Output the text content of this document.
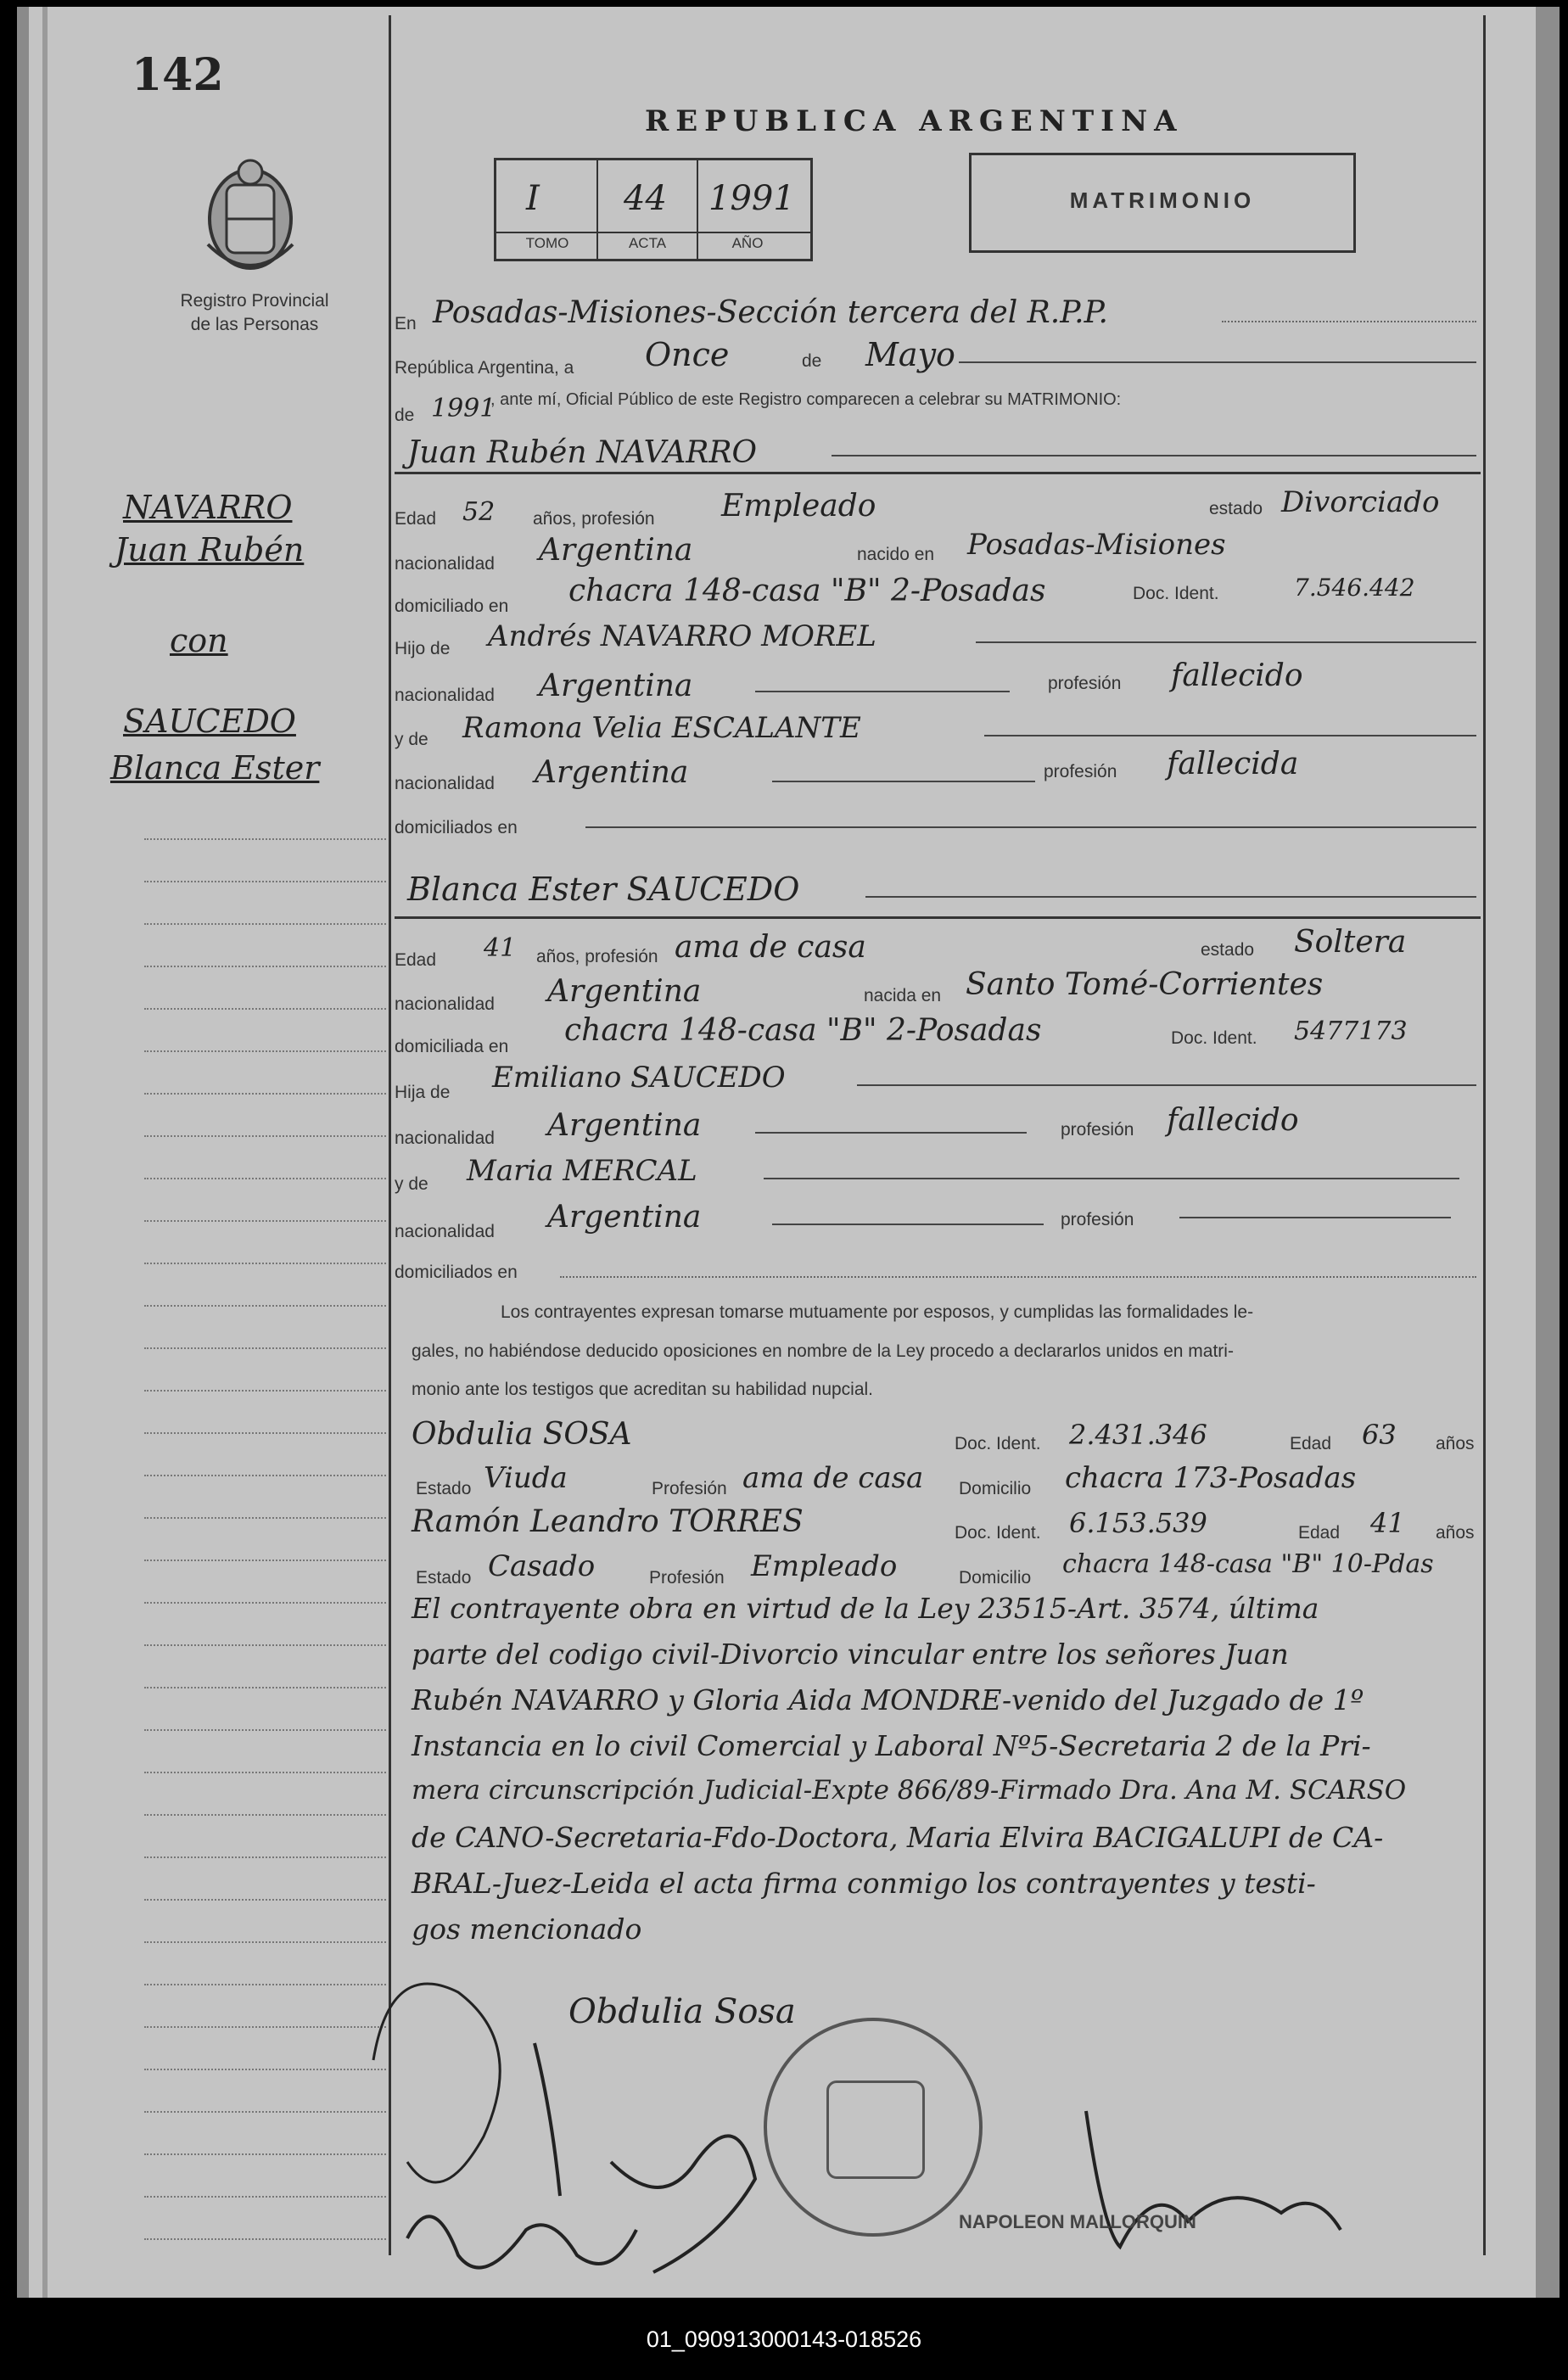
142
Registro Provincial
de las Personas
REPUBLICA ARGENTINA
I 44 1991
TOMO	ACTA	AÑO
MATRIMONIO
NAVARRO
Juan Rubén
con
SAUCEDO
Blanca Ester
En Posadas-Misiones-Sección tercera del R.P.P.
República Argentina, a Once	de Mayo
de 1991
, ante mí, Oficial Público de este Registro comparecen a celebrar su MATRIMONIO:
Juan Rubén NAVARRO
Edad 52 años, profesión Empleado	estado Divorciado
nacionalidad Argentina	nacido en Posadas-Misiones
domiciliado en chacra 148-casa "B" 2-Posadas	Doc. Ident.	7.546.442
Hijo de Andrés NAVARRO MOREL
nacionalidad Argentina	profesión fallecido
y de Ramona Velia ESCALANTE
nacionalidad Argentina	profesión fallecida
domiciliados en
Blanca Ester SAUCEDO
Edad 41 años, profesión ama de casa	estado Soltera
nacionalidad Argentina	nacida en Santo Tomé-Corrientes
domiciliada en chacra 148-casa "B" 2-Posadas	Doc. Ident. 5477173
Hija de Emiliano SAUCEDO
nacionalidad Argentina	profesión fallecido
y de Maria MERCAL
nacionalidad Argentina	profesión
domiciliados en
Los contrayentes expresan tomarse mutuamente por esposos, y cumplidas las formalidades le-
gales, no habiéndose deducido oposiciones en nombre de la Ley procedo a declararlos unidos en matri-
monio ante los testigos que acreditan su habilidad nupcial.
Obdulia SOSA	Doc. Ident. 2.431.346	Edad 63 años
Estado Viuda	Profesión ama de casa Domicilio chacra 173-Posadas
Ramón Leandro TORRES	Doc. Ident. 6.153.539	Edad 41 años
Estado Casado	Profesión Empleado	Domicilio chacra 148-casa "B" 10-Pdas
El contrayente obra en virtud de la Ley 23515-Art. 3574, última
parte del codigo civil-Divorcio vincular entre los señores Juan
Rubén NAVARRO y Gloria Aida MONDRE-venido del Juzgado de 1º
Instancia en lo civil Comercial y Laboral Nº5-Secretaria 2 de la Pri-
mera circunscripción Judicial-Expte 866/89-Firmado Dra. Ana M. SCARSO
de CANO-Secretaria-Fdo-Doctora, Maria Elvira BACIGALUPI de CA-
BRAL-Juez-Leida el acta firma conmigo los contrayentes y testi-
gos mencionado
Obdulia Sosa
NAPOLEON MALLORQUIN
01_090913000143-018526
